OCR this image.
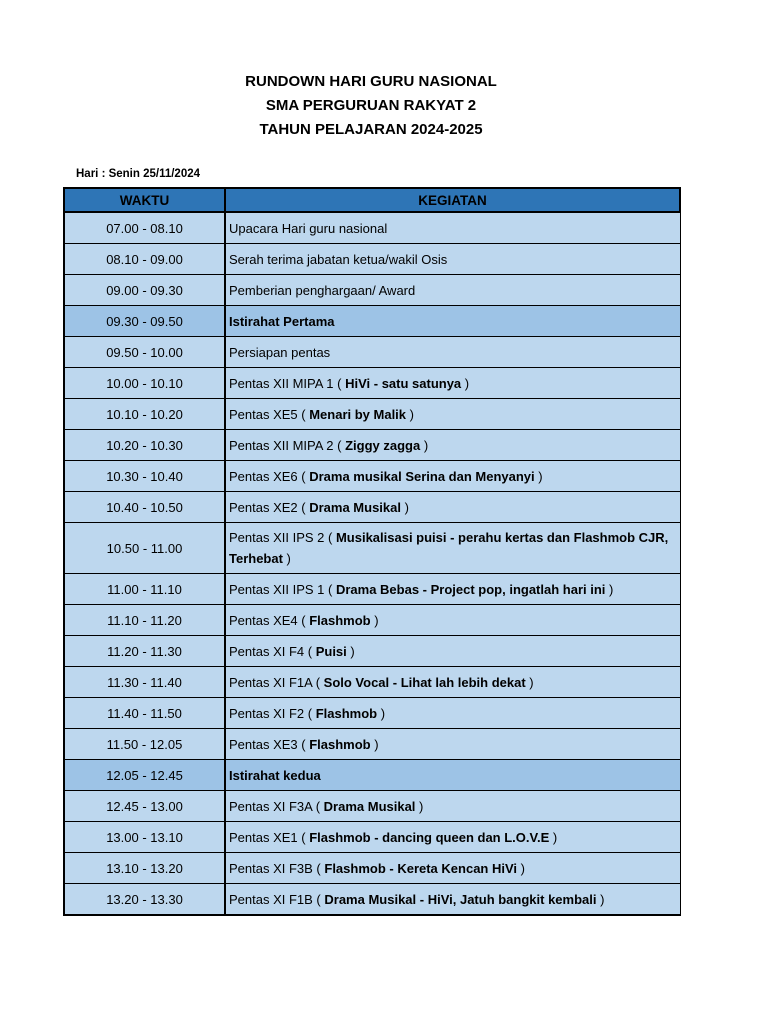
RUNDOWN HARI GURU NASIONAL
SMA PERGURUAN RAKYAT 2
TAHUN PELAJARAN 2024-2025
Hari : Senin 25/11/2024
WAKTU	KEGIATAN
07.00 - 08.10	Upacara Hari guru nasional
08.10 - 09.00	Serah terima jabatan ketua/wakil Osis
09.00 - 09.30	Pemberian penghargaan/ Award
09.30 - 09.50	Istirahat Pertama
09.50 - 10.00	Persiapan pentas
10.00 - 10.10	Pentas XII MIPA 1 ( HiVi - satu satunya )
10.10 - 10.20	Pentas XE5 ( Menari by Malik )
10.20 - 10.30	Pentas XII MIPA 2 ( Ziggy zagga )
10.30 - 10.40	Pentas XE6 ( Drama musikal Serina dan Menyanyi )
10.40 - 10.50	Pentas XE2 ( Drama Musikal )
10.50 - 11.00	Pentas XII IPS 2 ( Musikalisasi puisi - perahu kertas dan Flashmob CJR, Terhebat )
11.00 - 11.10	Pentas XII IPS 1 ( Drama Bebas - Project pop, ingatlah hari ini )
11.10 - 11.20	Pentas XE4 ( Flashmob )
11.20 - 11.30	Pentas XI F4 ( Puisi )
11.30 - 11.40	Pentas XI F1A ( Solo Vocal - Lihat lah lebih dekat )
11.40 - 11.50	Pentas XI F2 ( Flashmob )
11.50 - 12.05	Pentas XE3 ( Flashmob )
12.05 - 12.45	Istirahat kedua
12.45 - 13.00	Pentas XI F3A ( Drama Musikal )
13.00 - 13.10	Pentas XE1 ( Flashmob - dancing queen dan L.O.V.E )
13.10 - 13.20	Pentas XI F3B ( Flashmob - Kereta Kencan HiVi )
13.20 - 13.30	Pentas XI F1B ( Drama Musikal - HiVi, Jatuh bangkit kembali )
